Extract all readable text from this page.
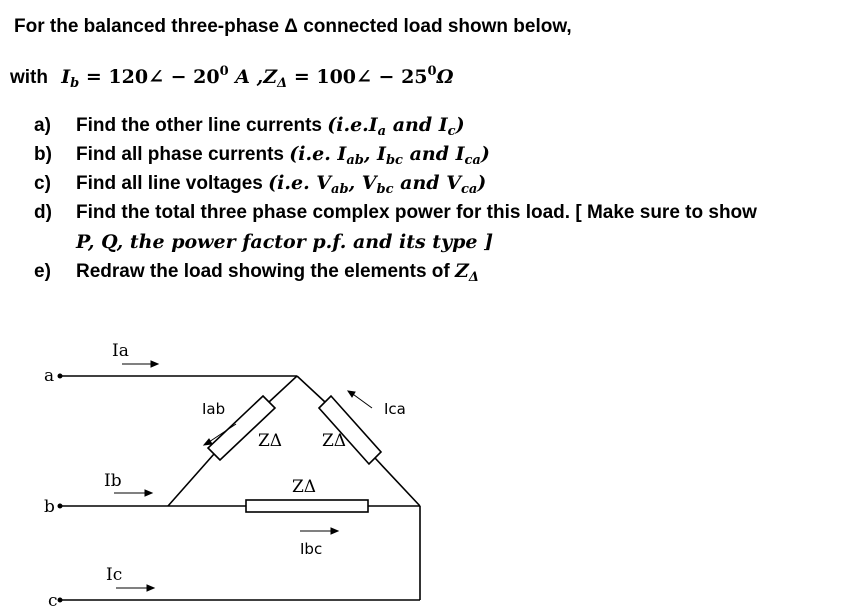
For the balanced three-phase Δ connected load shown below,
with $I_b$ = 120∠ − $20^0$ A $,Z_\Delta$ = 100∠ − $25^0\Omega$
a) Find the other line currents ($i.e.I_a$ and $I_c$)
b) Find all phase currents (i.e. $I_{ab}$, $I_{bc}$ and $I_{ca}$)
c) Find all line voltages (i.e. $V_{ab}$, $V_{bc}$ and $V_{ca}$)
d) Find the total three phase complex power for this load. [ Make sure to show
P, Q, the power factor p.f. and its type ]
e) Redraw the load showing the elements of $Z_\Delta$
a
b
c
Ia
Ib
Ic
Iab	Ica
Ibc
ZΔ ZΔ
ZΔ
